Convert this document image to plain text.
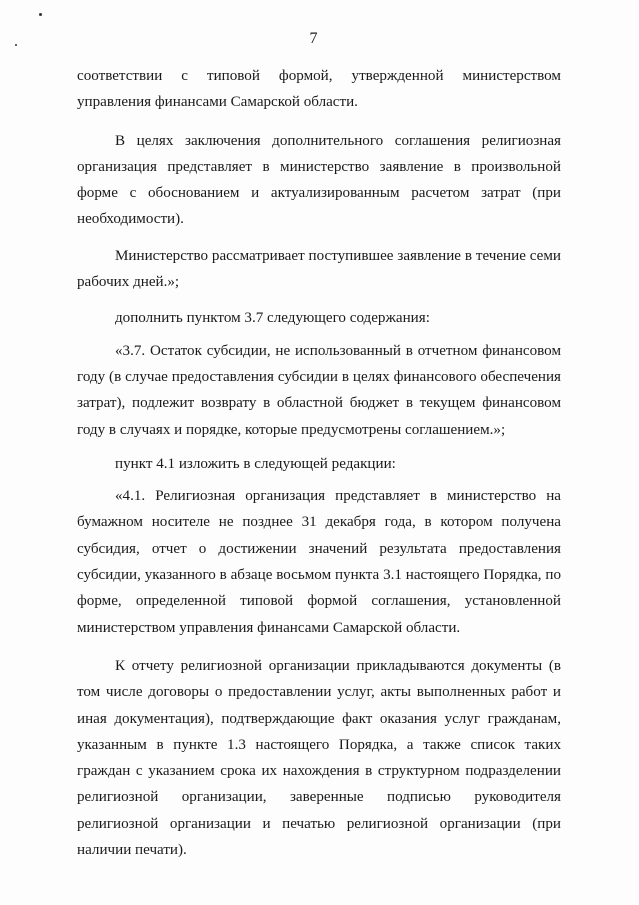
7

соответствии с типовой формой, утвержденной министерством управления финансами Самарской области.

В целях заключения дополнительного соглашения религиозная организация представляет в министерство заявление в произвольной форме с обоснованием и актуализированным расчетом затрат (при необходимости).

Министерство рассматривает поступившее заявление в течение семи рабочих дней.»;

дополнить пунктом 3.7 следующего содержания:

«3.7. Остаток субсидии, не использованный в отчетном финансовом году (в случае предоставления субсидии в целях финансового обеспечения затрат), подлежит возврату в областной бюджет в текущем финансовом году в случаях и порядке, которые предусмотрены соглашением.»;

пункт 4.1 изложить в следующей редакции:

«4.1. Религиозная организация представляет в министерство на бумажном носителе не позднее 31 декабря года, в котором получена субсидия, отчет о достижении значений результата предоставления субсидии, указанного в абзаце восьмом пункта 3.1 настоящего Порядка, по форме, определенной типовой формой соглашения, установленной министерством управления финансами Самарской области.

К отчету религиозной организации прикладываются документы (в том числе договоры о предоставлении услуг, акты выполненных работ и иная документация), подтверждающие факт оказания услуг гражданам, указанным в пункте 1.3 настоящего Порядка, а также список таких граждан с указанием срока их нахождения в структурном подразделении религиозной организации, заверенные подписью руководителя религиозной организации и печатью религиозной организации (при наличии печати).
